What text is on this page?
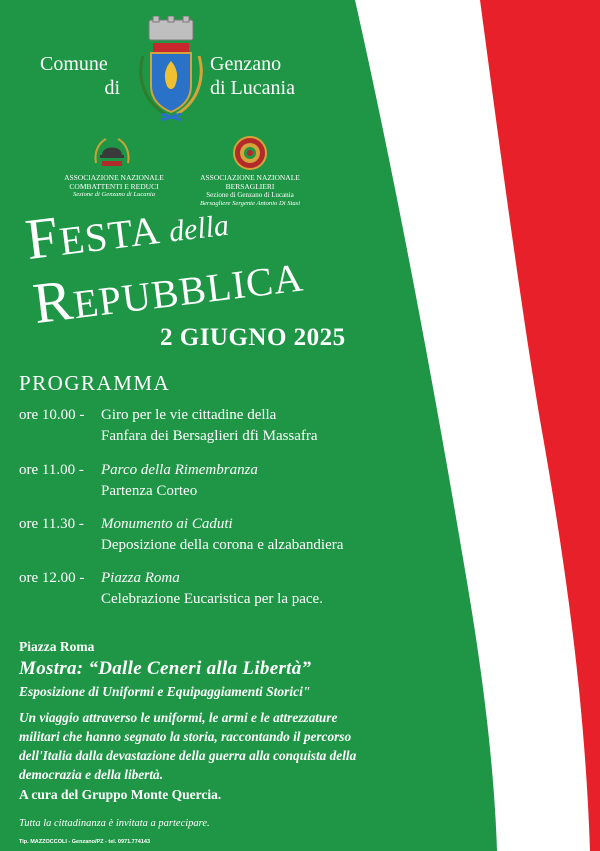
Comune
di
Genzano
di Lucania
ASSOCIAZIONE NAZIONALE
COMBATTENTI E REDUCI
Sezione di Genzano di Lucania
ASSOCIAZIONE NAZIONALE BERSAGLIERI
Sezione di Genzano di Lucania
Bersagliere Sergente Antonio Di Stasi
FESTA della
REPUBBLICA
2 GIUGNO 2025
PROGRAMMA
ore 10.00 - Giro per le vie cittadine della
Fanfara dei Bersaglieri dfi Massafra
ore 11.00 - Parco della Rimembranza
Partenza Corteo
ore 11.30 - Monumento ai Caduti
Deposizione della corona e alzabandiera
ore 12.00 - Piazza Roma
Celebrazione Eucaristica per la pace.
Piazza Roma
Mostra: “Dalle Ceneri alla Libertà”
Esposizione di Uniformi e Equipaggiamenti Storici"
Un viaggio attraverso le uniformi, le armi e le attrezzature
militari che hanno segnato la storia, raccontando il percorso
dell'Italia dalla devastazione della guerra alla conquista della
democrazia e della libertà.
A cura del Gruppo Monte Quercia.
Tutta la cittadinanza è invitata a partecipare.
Tip. MAZZOCCOLI - Genzano/PZ - tel. 0971.774143
